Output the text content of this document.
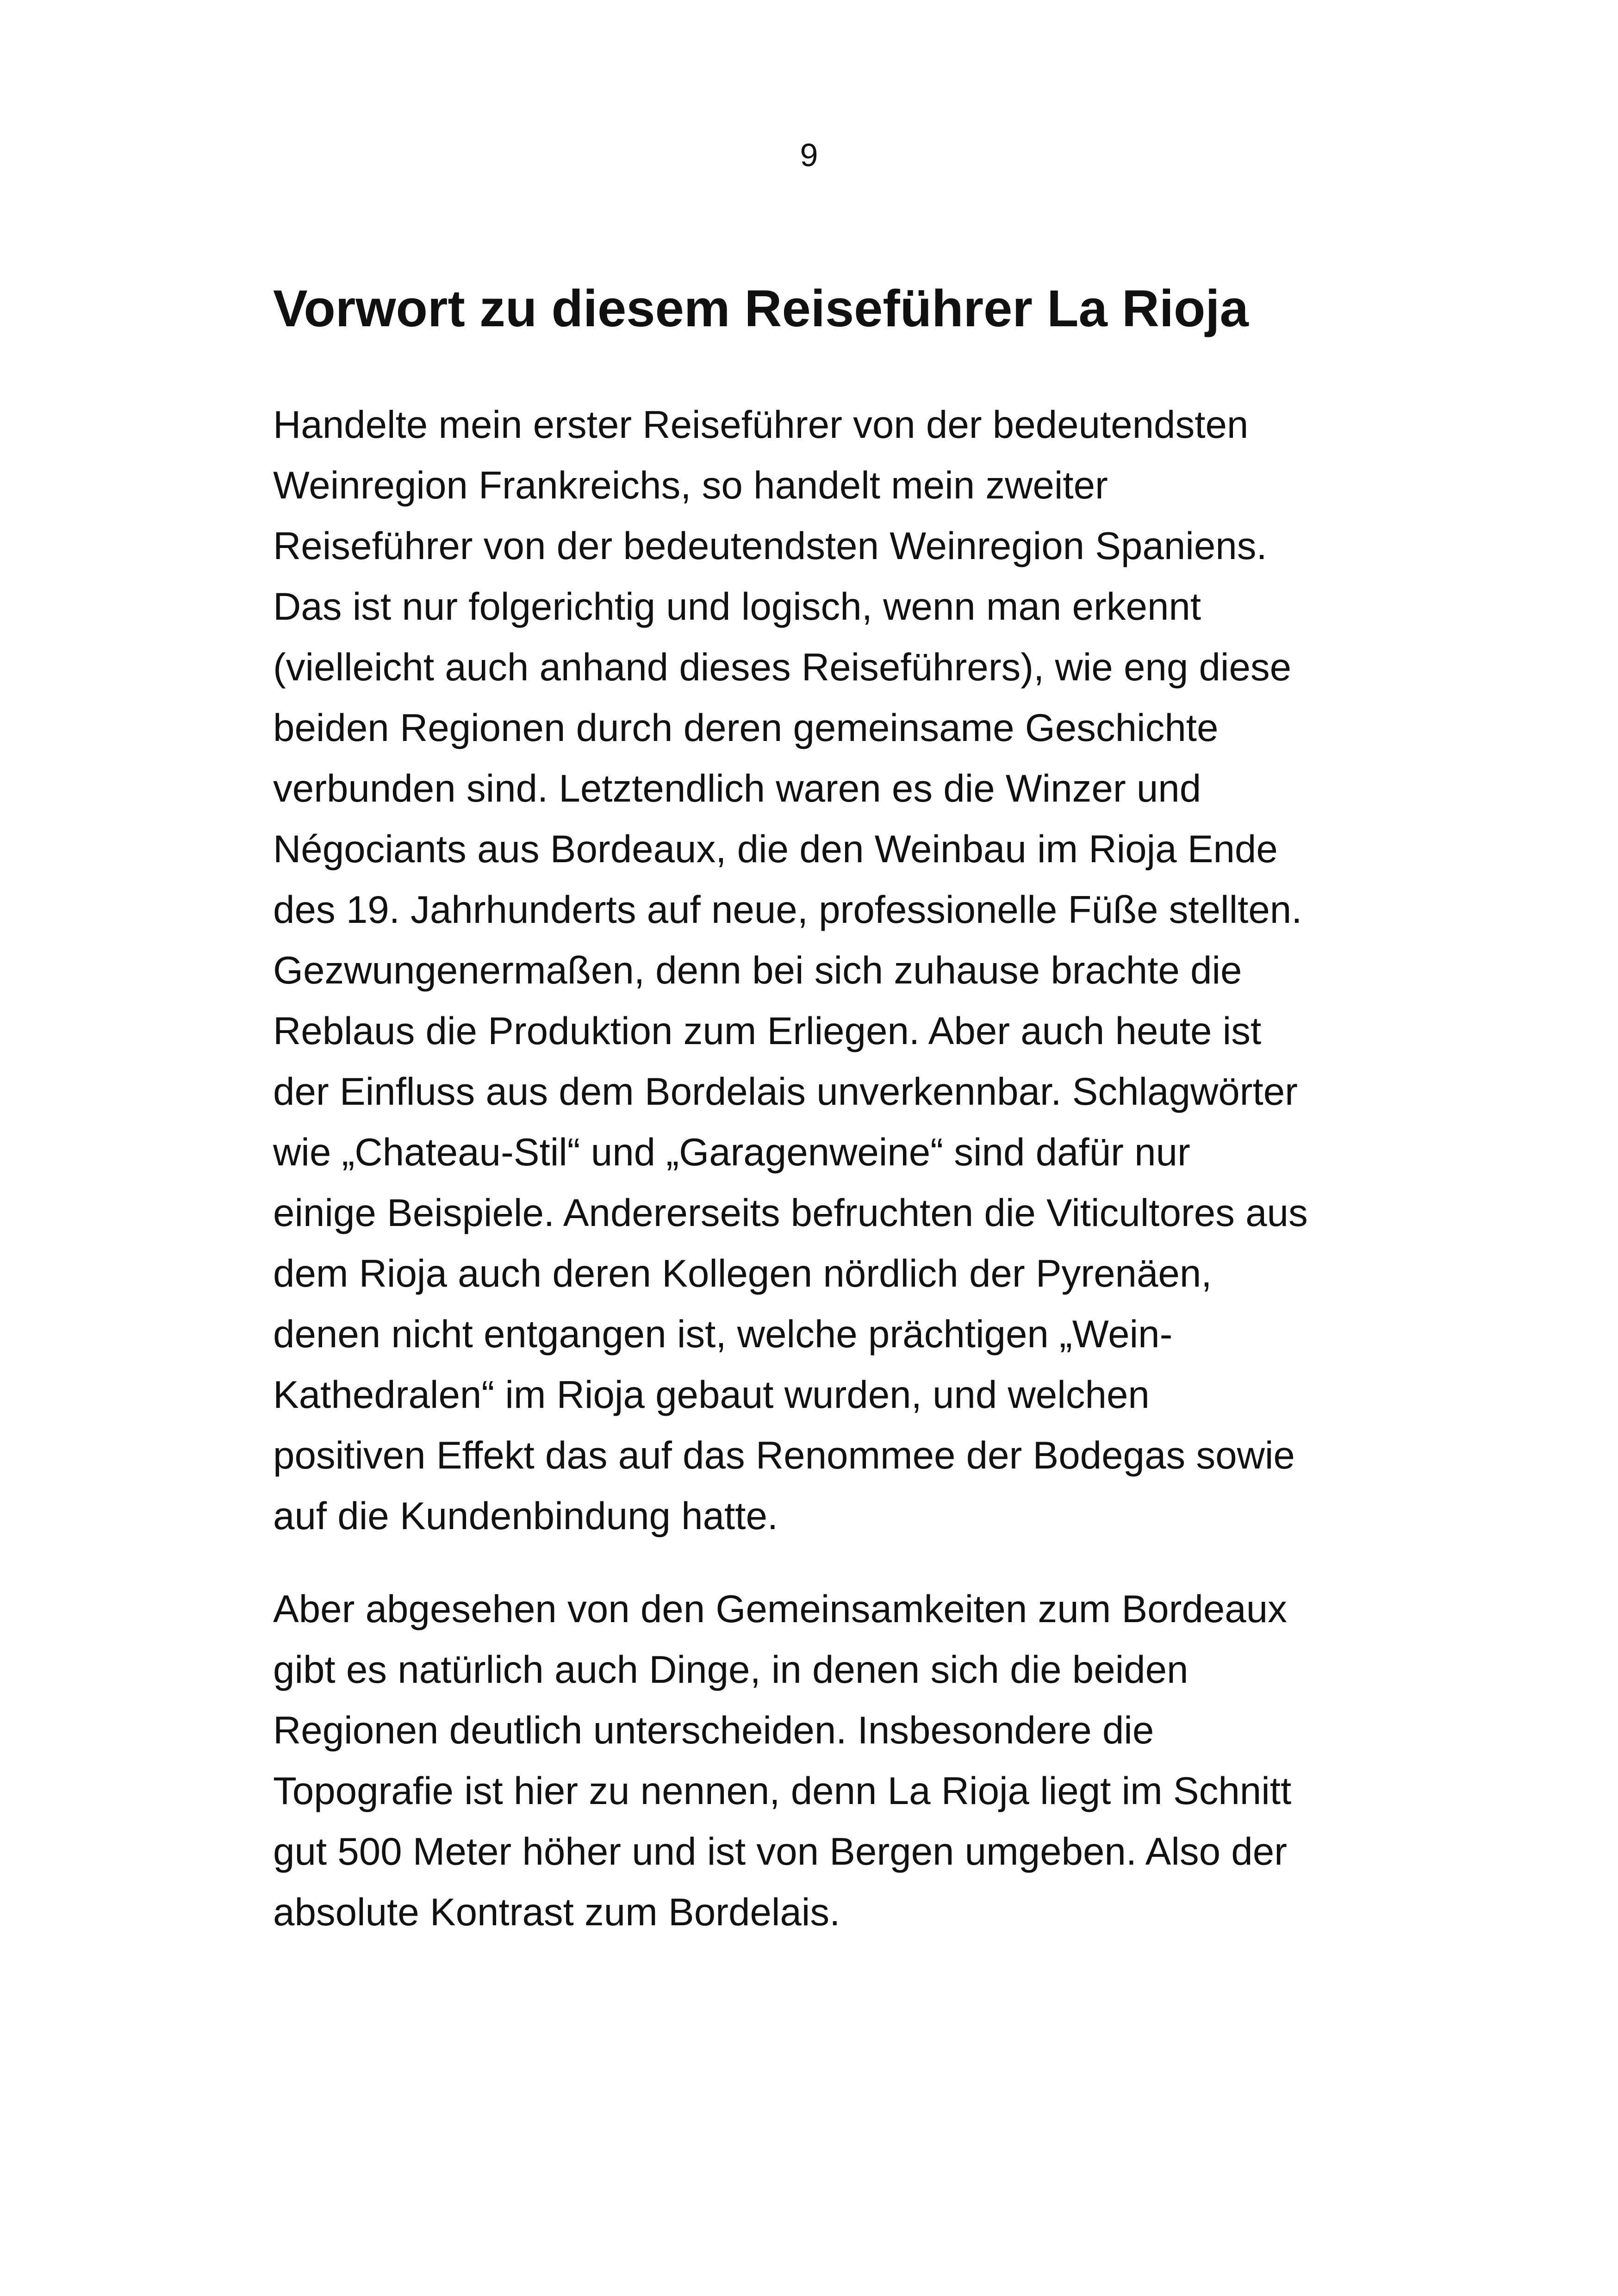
9
Vorwort zu diesem Reiseführer La Rioja
Handelte mein erster Reiseführer von der bedeutendsten
Weinregion Frankreichs, so handelt mein zweiter
Reiseführer von der bedeutendsten Weinregion Spaniens.
Das ist nur folgerichtig und logisch, wenn man erkennt
(vielleicht auch anhand dieses Reiseführers), wie eng diese
beiden Regionen durch deren gemeinsame Geschichte
verbunden sind. Letztendlich waren es die Winzer und
Négociants aus Bordeaux, die den Weinbau im Rioja Ende
des 19. Jahrhunderts auf neue, professionelle Füße stellten.
Gezwungenermaßen, denn bei sich zuhause brachte die
Reblaus die Produktion zum Erliegen. Aber auch heute ist
der Einfluss aus dem Bordelais unverkennbar. Schlagwörter
wie „Chateau-Stil“ und „Garagenweine“ sind dafür nur
einige Beispiele. Andererseits befruchten die Viticultores aus
dem Rioja auch deren Kollegen nördlich der Pyrenäen,
denen nicht entgangen ist, welche prächtigen „Wein-
Kathedralen“ im Rioja gebaut wurden, und welchen
positiven Effekt das auf das Renommee der Bodegas sowie
auf die Kundenbindung hatte.
Aber abgesehen von den Gemeinsamkeiten zum Bordeaux
gibt es natürlich auch Dinge, in denen sich die beiden
Regionen deutlich unterscheiden. Insbesondere die
Topografie ist hier zu nennen, denn La Rioja liegt im Schnitt
gut 500 Meter höher und ist von Bergen umgeben. Also der
absolute Kontrast zum Bordelais.
